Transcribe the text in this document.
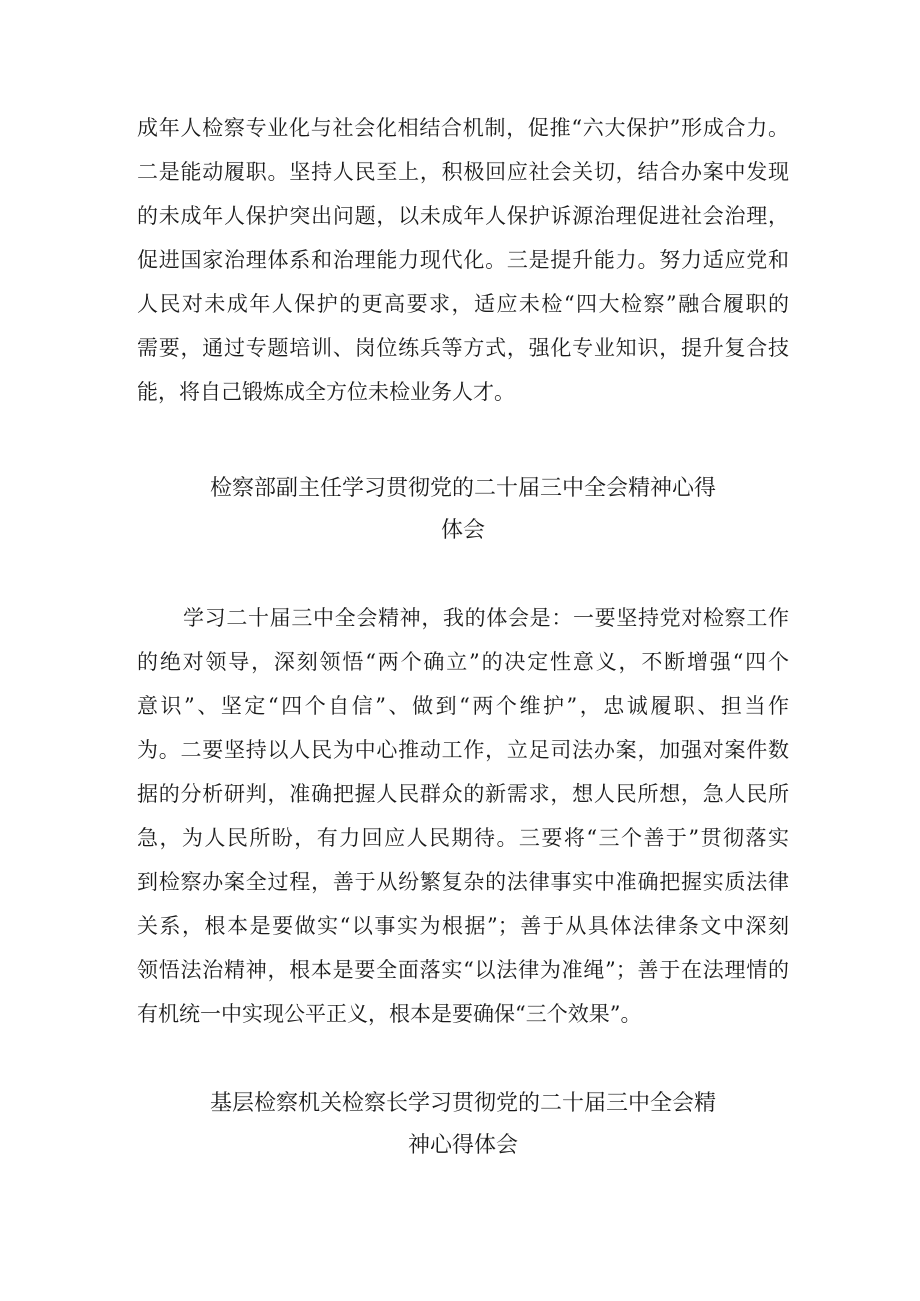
成年人检察专业化与社会化相结合机制，促推“六大保护”形成合力。
二是能动履职。坚持人民至上，积极回应社会关切，结合办案中发现
的未成年人保护突出问题，以未成年人保护诉源治理促进社会治理，
促进国家治理体系和治理能力现代化。三是提升能力。努力适应党和
人民对未成年人保护的更高要求，适应未检“四大检察”融合履职的
需要，通过专题培训、岗位练兵等方式，强化专业知识，提升复合技
能，将自己锻炼成全方位未检业务人才。
检察部副主任学习贯彻党的二十届三中全会精神心得
体会
学习二十届三中全会精神，我的体会是：一要坚持党对检察工作
的绝对领导，深刻领悟“两个确立”的决定性意义，不断增强“四个
意识”、坚定“四个自信”、做到“两个维护”，忠诚履职、担当作
为。二要坚持以人民为中心推动工作，立足司法办案，加强对案件数
据的分析研判，准确把握人民群众的新需求，想人民所想，急人民所
急，为人民所盼，有力回应人民期待。三要将“三个善于”贯彻落实
到检察办案全过程，善于从纷繁复杂的法律事实中准确把握实质法律
关系，根本是要做实“以事实为根据”；善于从具体法律条文中深刻
领悟法治精神，根本是要全面落实“以法律为准绳”；善于在法理情的
有机统一中实现公平正义，根本是要确保“三个效果”。
基层检察机关检察长学习贯彻党的二十届三中全会精
神心得体会
